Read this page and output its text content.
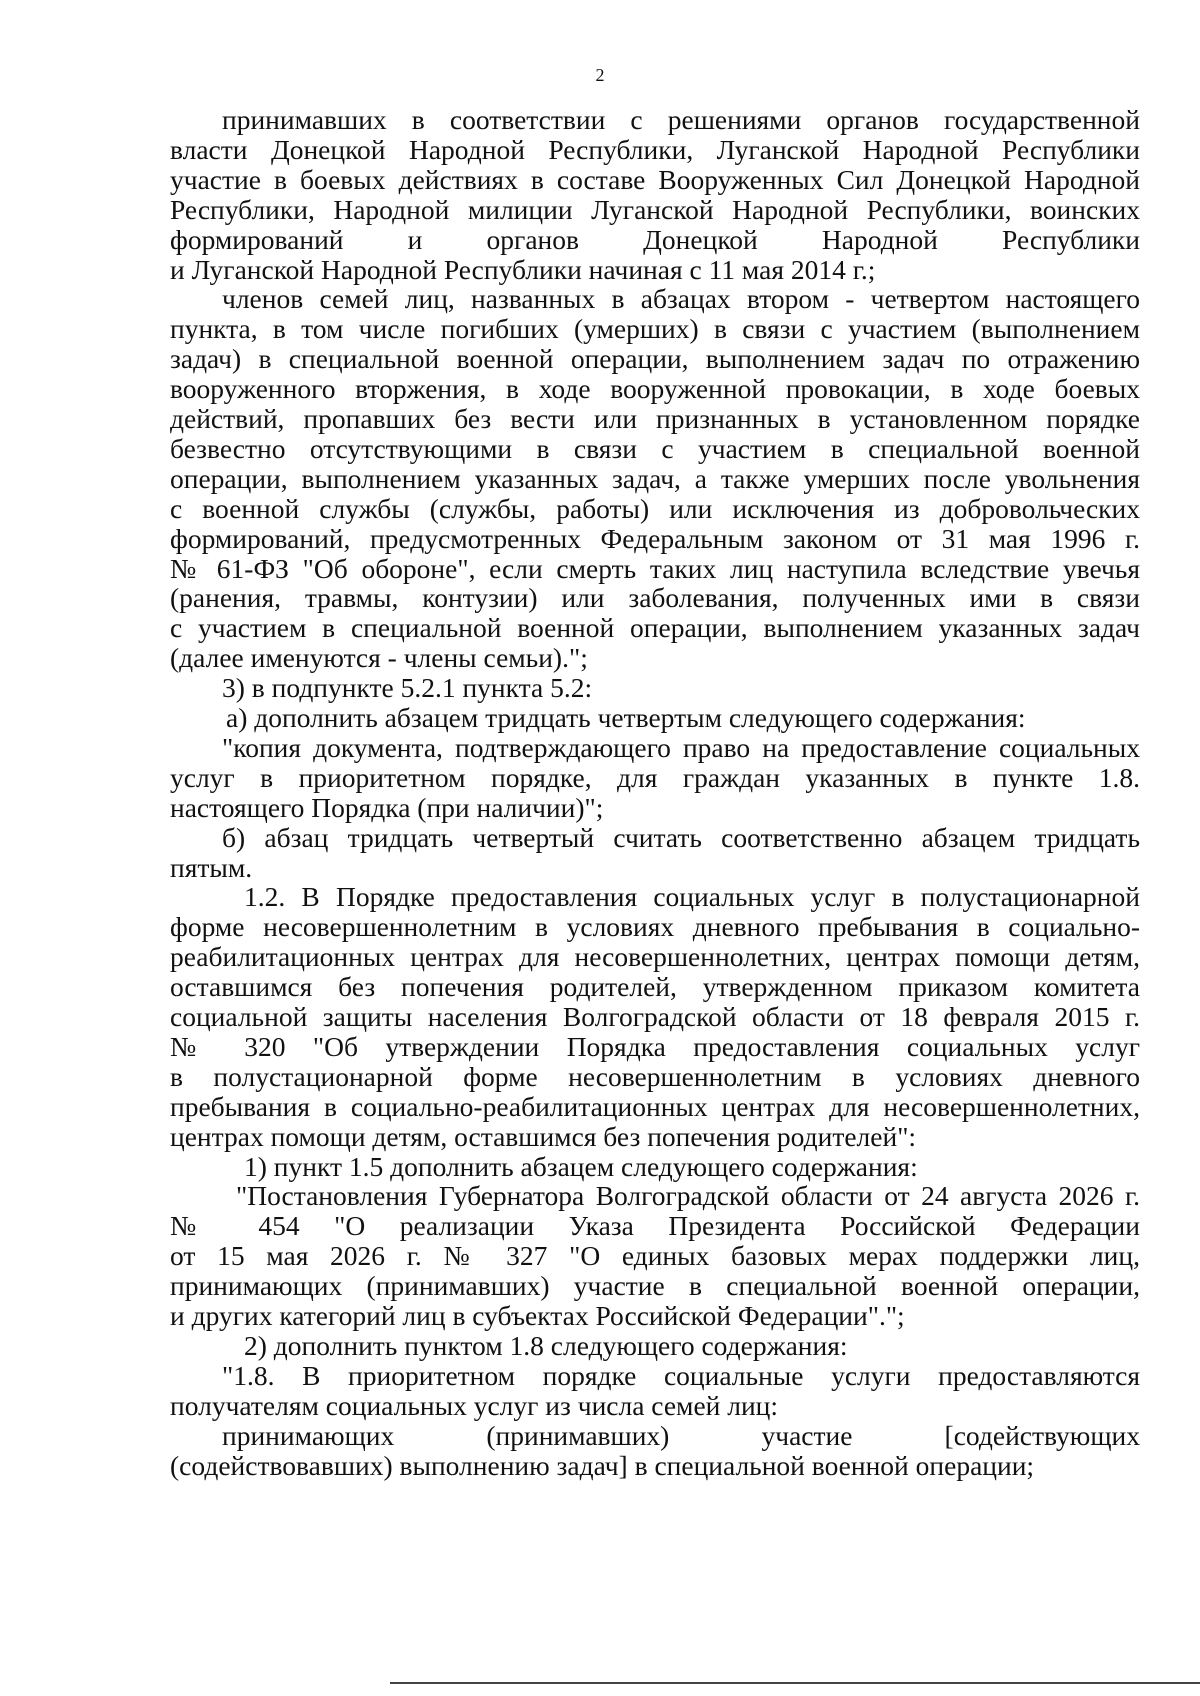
2
принимавших в соответствии с решениями органов государственной
власти Донецкой Народной Республики, Луганской Народной Республики
участие в боевых действиях в составе Вооруженных Сил Донецкой Народной
Республики, Народной милиции Луганской Народной Республики, воинских
формирований и органов Донецкой Народной Республики
и Луганской Народной Республики начиная с 11 мая 2014 г.;
членов семей лиц, названных в абзацах втором - четвертом настоящего
пункта, в том числе погибших (умерших) в связи с участием (выполнением
задач) в специальной военной операции, выполнением задач по отражению
вооруженного вторжения, в ходе вооруженной провокации, в ходе боевых
действий, пропавших без вести или признанных в установленном порядке
безвестно отсутствующими в связи с участием в специальной военной
операции, выполнением указанных задач, а также умерших после увольнения
с военной службы (службы, работы) или исключения из добровольческих
формирований, предусмотренных Федеральным законом от 31 мая 1996 г.
№ 61-ФЗ "Об обороне", если смерть таких лиц наступила вследствие увечья
(ранения, травмы, контузии) или заболевания, полученных ими в связи
с участием в специальной военной операции, выполнением указанных задач
(далее именуются - члены семьи).";
3) в подпункте 5.2.1 пункта 5.2:
а) дополнить абзацем тридцать четвертым следующего содержания:
"копия документа, подтверждающего право на предоставление социальных
услуг в приоритетном порядке, для граждан указанных в пункте 1.8.
настоящего Порядка (при наличии)";
б) абзац тридцать четвертый считать соответственно абзацем тридцать
пятым.
1.2. В Порядке предоставления социальных услуг в полустационарной
форме несовершеннолетним в условиях дневного пребывания в социально-
реабилитационных центрах для несовершеннолетних, центрах помощи детям,
оставшимся без попечения родителей, утвержденном приказом комитета
социальной защиты населения Волгоградской области от 18 февраля 2015 г.
№ 320 "Об утверждении Порядка предоставления социальных услуг
в полустационарной форме несовершеннолетним в условиях дневного
пребывания в социально-реабилитационных центрах для несовершеннолетних,
центрах помощи детям, оставшимся без попечения родителей":
1) пункт 1.5 дополнить абзацем следующего содержания:
"Постановления Губернатора Волгоградской области от 24 августа 2026 г.
№ 454 "О реализации Указа Президента Российской Федерации
от 15 мая 2026 г. № 327 "О единых базовых мерах поддержки лиц,
принимающих (принимавших) участие в специальной военной операции,
и других категорий лиц в субъектах Российской Федерации".";
2) дополнить пунктом 1.8 следующего содержания:
"1.8. В приоритетном порядке социальные услуги предоставляются
получателям социальных услуг из числа семей лиц:
принимающих (принимавших) участие [содействующих
(содействовавших) выполнению задач] в специальной военной операции;
